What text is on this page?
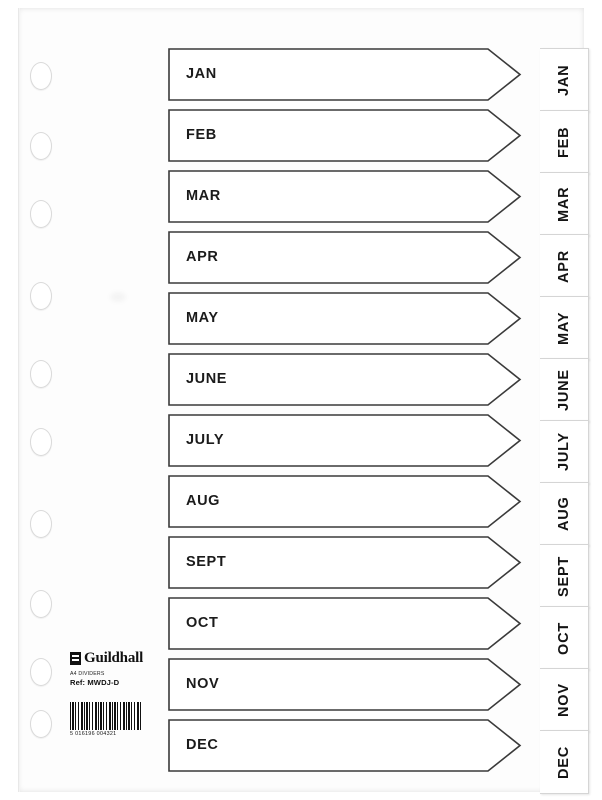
JAN
FEB
MAR
APR
MAY
JUNE
JULY
AUG
SEPT
OCT
NOV
DEC
JAN
FEB
MAR
APR
MAY
JUNE
JULY
AUG
SEPT
OCT
NOV
DEC
Guildhall
A4 DIVIDERS
Ref: MWDJ-D
5 016196 004321
